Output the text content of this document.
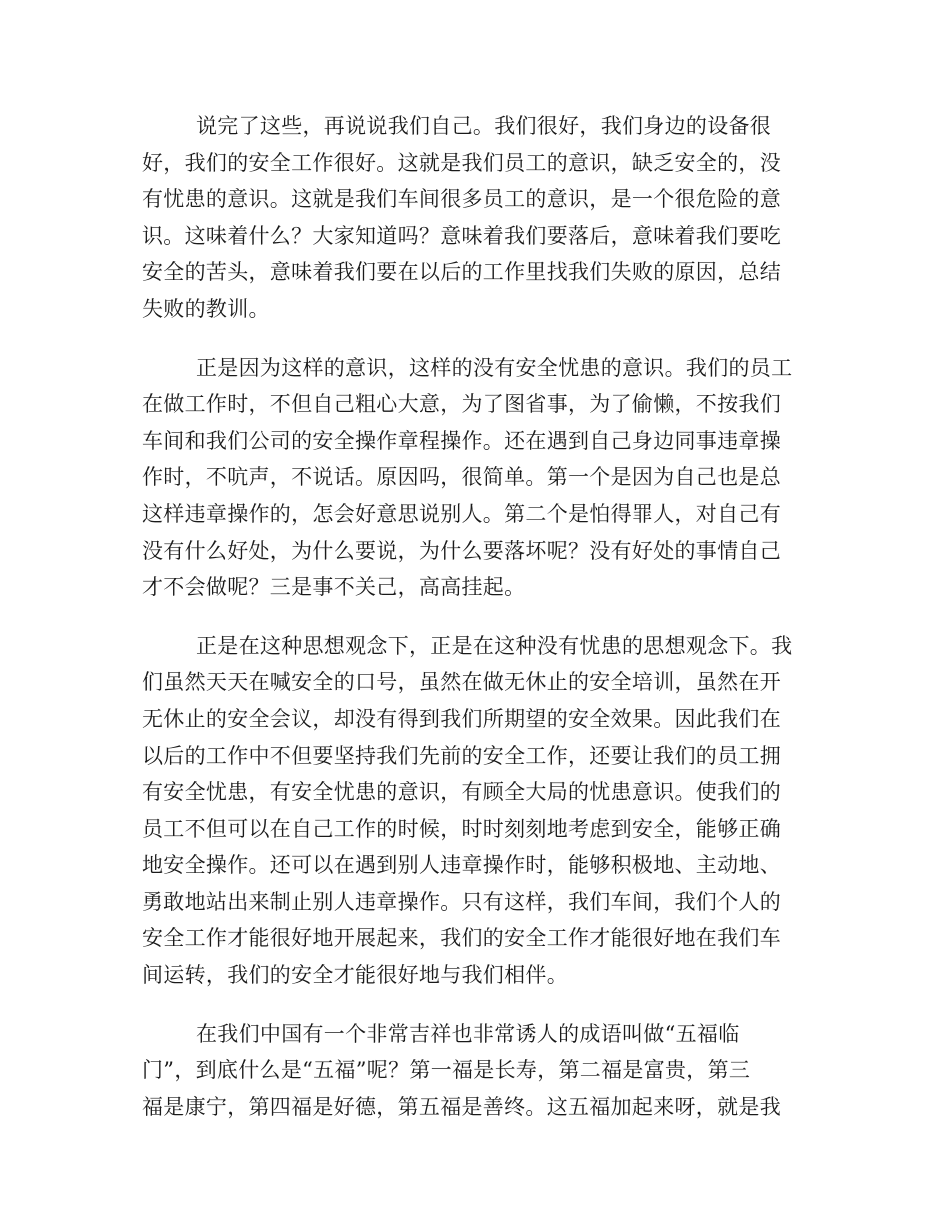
说完了这些，再说说我们自己。我们很好，我们身边的设备很
好，我们的安全工作很好。这就是我们员工的意识，缺乏安全的，没
有忧患的意识。这就是我们车间很多员工的意识，是一个很危险的意
识。这味着什么？大家知道吗？意味着我们要落后，意味着我们要吃
安全的苦头，意味着我们要在以后的工作里找我们失败的原因，总结
失败的教训。
正是因为这样的意识，这样的没有安全忧患的意识。我们的员工
在做工作时，不但自己粗心大意，为了图省事，为了偷懒，不按我们
车间和我们公司的安全操作章程操作。还在遇到自己身边同事违章操
作时，不吭声，不说话。原因吗，很简单。第一个是因为自己也是总
这样违章操作的，怎会好意思说别人。第二个是怕得罪人，对自己有
没有什么好处，为什么要说，为什么要落坏呢？没有好处的事情自己
才不会做呢？三是事不关己，高高挂起。
正是在这种思想观念下，正是在这种没有忧患的思想观念下。我
们虽然天天在喊安全的口号，虽然在做无休止的安全培训，虽然在开
无休止的安全会议，却没有得到我们所期望的安全效果。因此我们在
以后的工作中不但要坚持我们先前的安全工作，还要让我们的员工拥
有安全忧患，有安全忧患的意识，有顾全大局的忧患意识。使我们的
员工不但可以在自己工作的时候，时时刻刻地考虑到安全，能够正确
地安全操作。还可以在遇到别人违章操作时，能够积极地、主动地、
勇敢地站出来制止别人违章操作。只有这样，我们车间，我们个人的
安全工作才能很好地开展起来，我们的安全工作才能很好地在我们车
间运转，我们的安全才能很好地与我们相伴。
在我们中国有一个非常吉祥也非常诱人的成语叫做“五福临
门”，到底什么是“五福”呢？第一福是长寿，第二福是富贵，第三
福是康宁，第四福是好德，第五福是善终。这五福加起来呀，就是我
